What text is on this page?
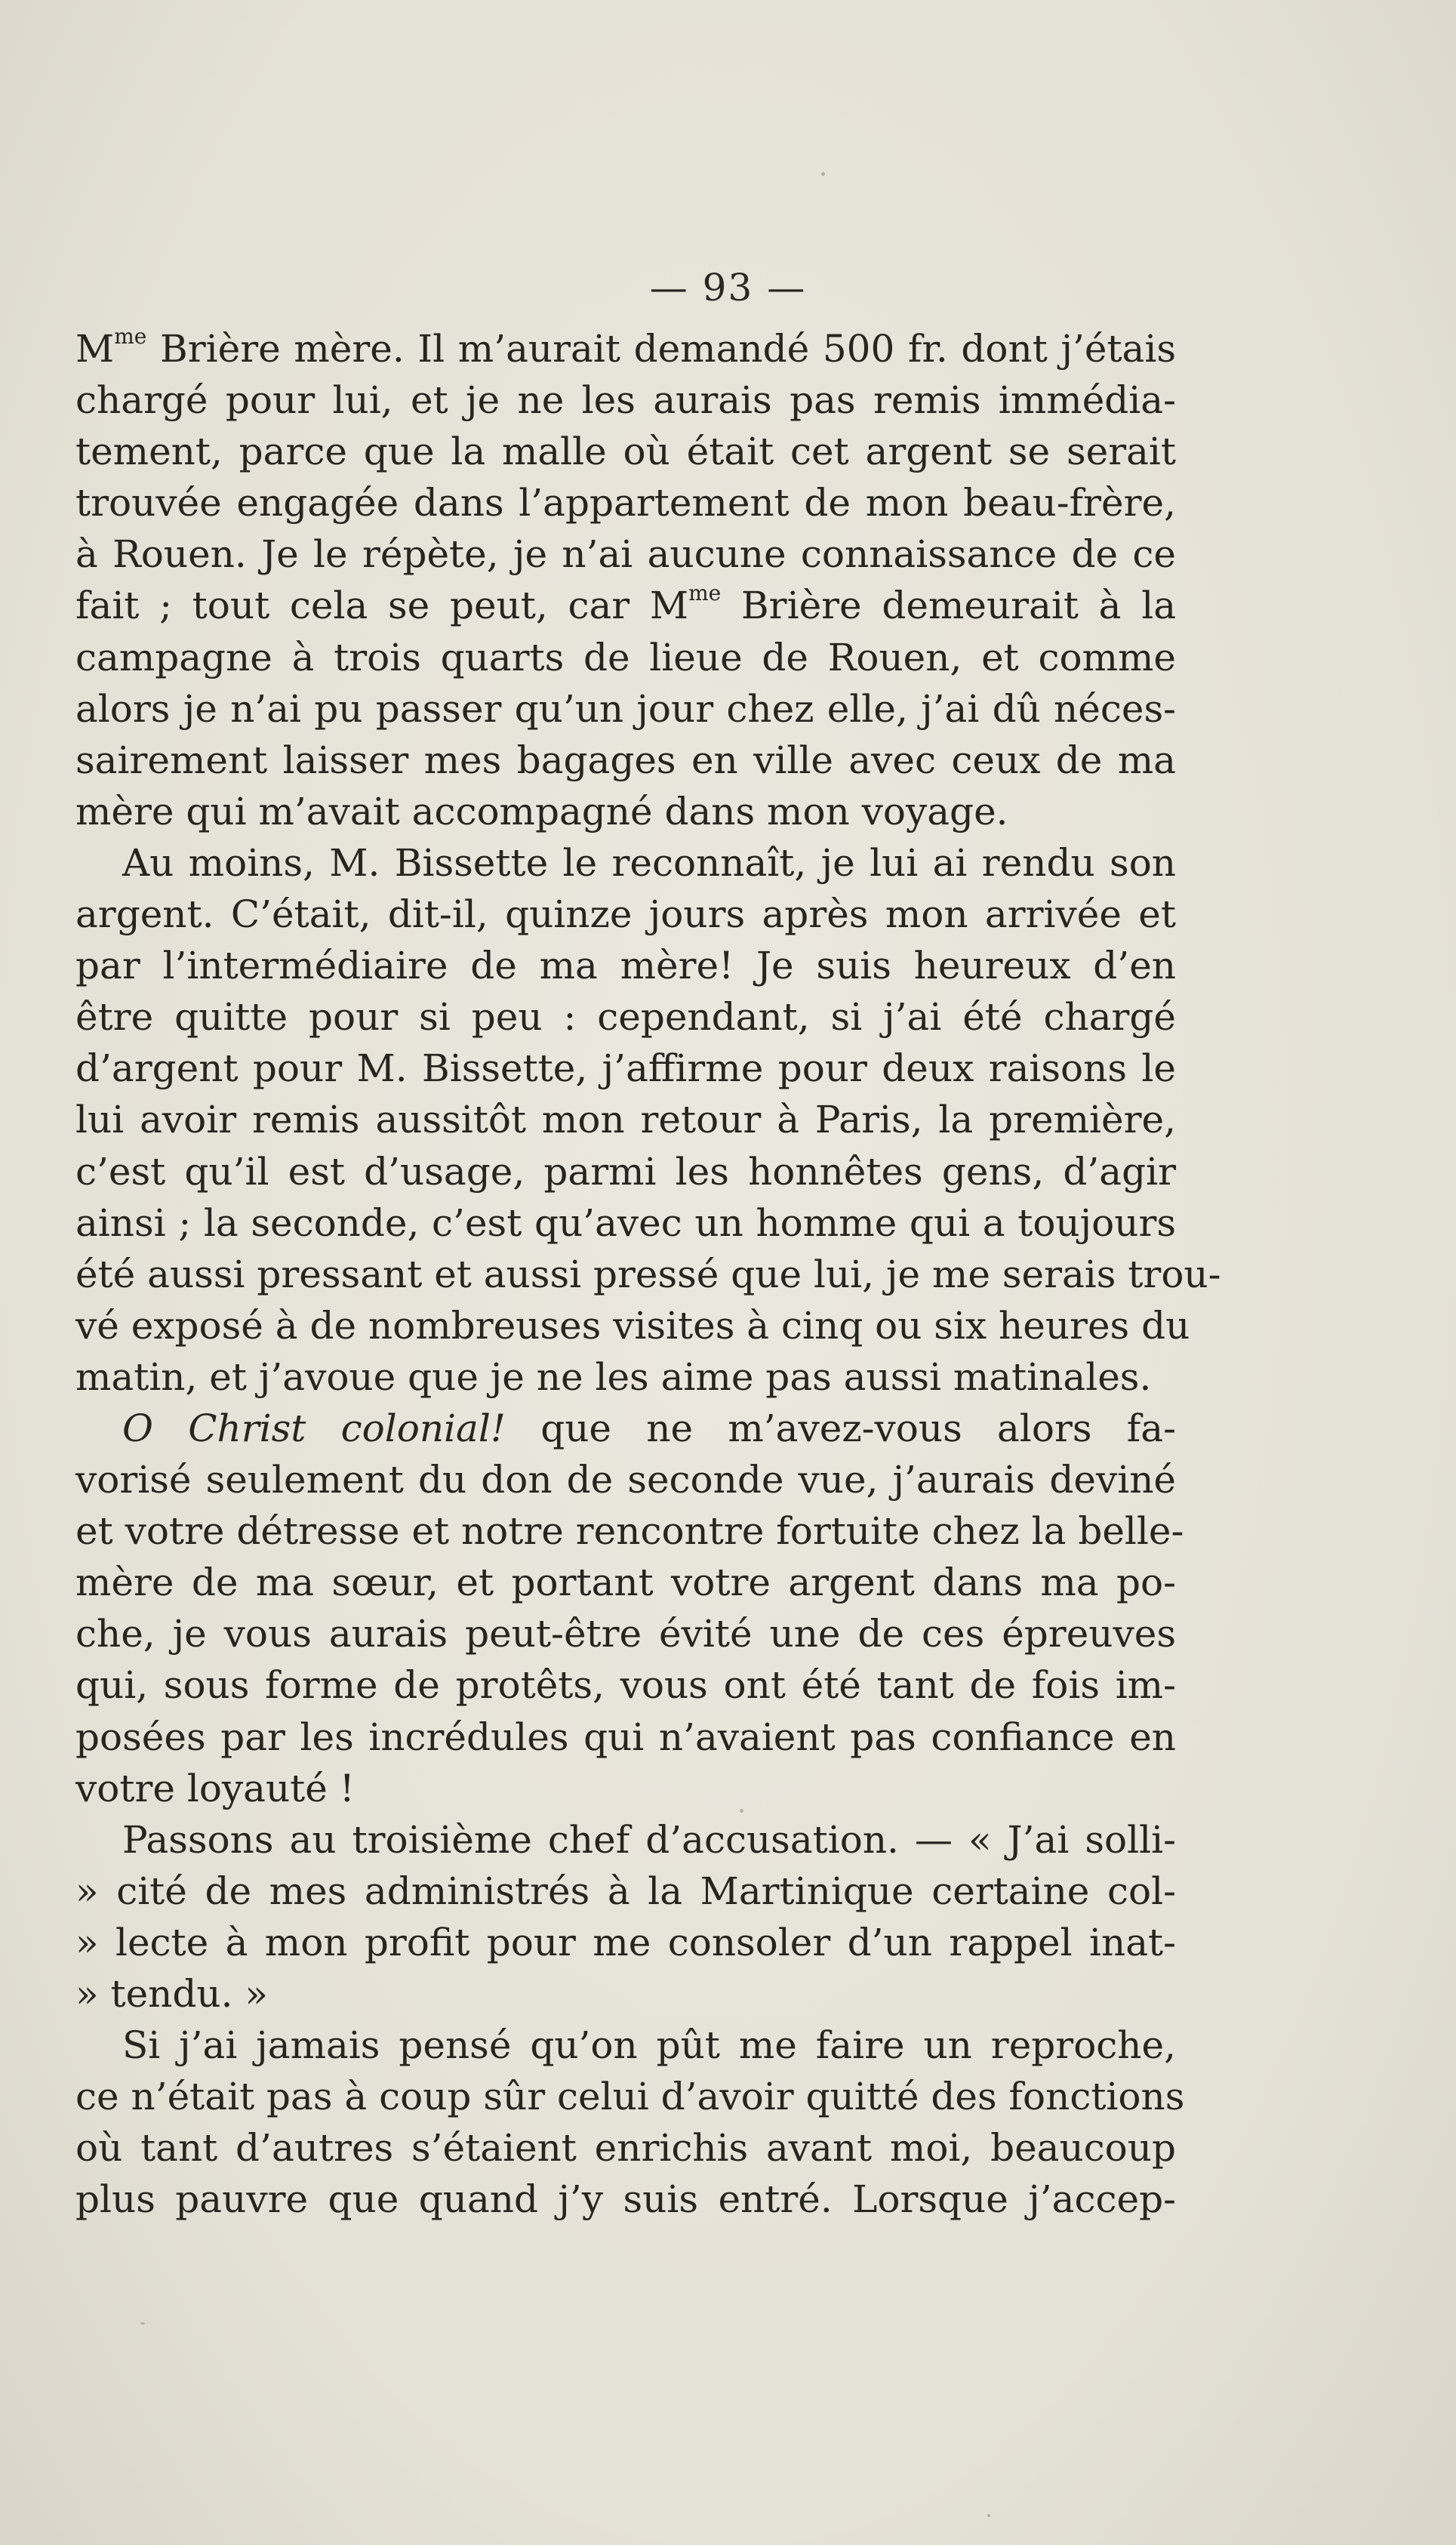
— 93 —
$M^{me}$ Brière mère. Il m’aurait demandé 500 fr. dont j’étais
chargé pour lui, et je ne les aurais pas remis immédia-
tement, parce que la malle où était cet argent se serait
trouvée engagée dans l’appartement de mon beau-frère,
à Rouen. Je le répète, je n’ai aucune connaissance de ce
fait ; tout cela se peut, car $M^{me}$ Brière demeurait à la
campagne à trois quarts de lieue de Rouen, et comme
alors je n’ai pu passer qu’un jour chez elle, j’ai dû néces-
sairement laisser mes bagages en ville avec ceux de ma
mère qui m’avait accompagné dans mon voyage.
Au moins, M. Bissette le reconnaît, je lui ai rendu son
argent. C’était, dit-il, quinze jours après mon arrivée et
par l’intermédiaire de ma mère! Je suis heureux d’en
être quitte pour si peu : cependant, si j’ai été chargé
d’argent pour M. Bissette, j’affirme pour deux raisons le
lui avoir remis aussitôt mon retour à Paris, la première,
c’est qu’il est d’usage, parmi les honnêtes gens, d’agir
ainsi ; la seconde, c’est qu’avec un homme qui a toujours
été aussi pressant et aussi pressé que lui, je me serais trou-
vé exposé à de nombreuses visites à cinq ou six heures du
matin, et j’avoue que je ne les aime pas aussi matinales.
O Christ colonial! que ne m’avez-vous alors fa-
vorisé seulement du don de seconde vue, j’aurais deviné
et votre détresse et notre rencontre fortuite chez la belle-
mère de ma sœur, et portant votre argent dans ma po-
che, je vous aurais peut-être évité une de ces épreuves
qui, sous forme de protêts, vous ont été tant de fois im-
posées par les incrédules qui n’avaient pas confiance en
votre loyauté !
Passons au troisième chef d’accusation. — « J’ai solli-
» cité de mes administrés à la Martinique certaine col-
» lecte à mon profit pour me consoler d’un rappel inat-
» tendu. »
Si j’ai jamais pensé qu’on pût me faire un reproche,
ce n’était pas à coup sûr celui d’avoir quitté des fonctions
où tant d’autres s’étaient enrichis avant moi, beaucoup
plus pauvre que quand j’y suis entré. Lorsque j’accep-
